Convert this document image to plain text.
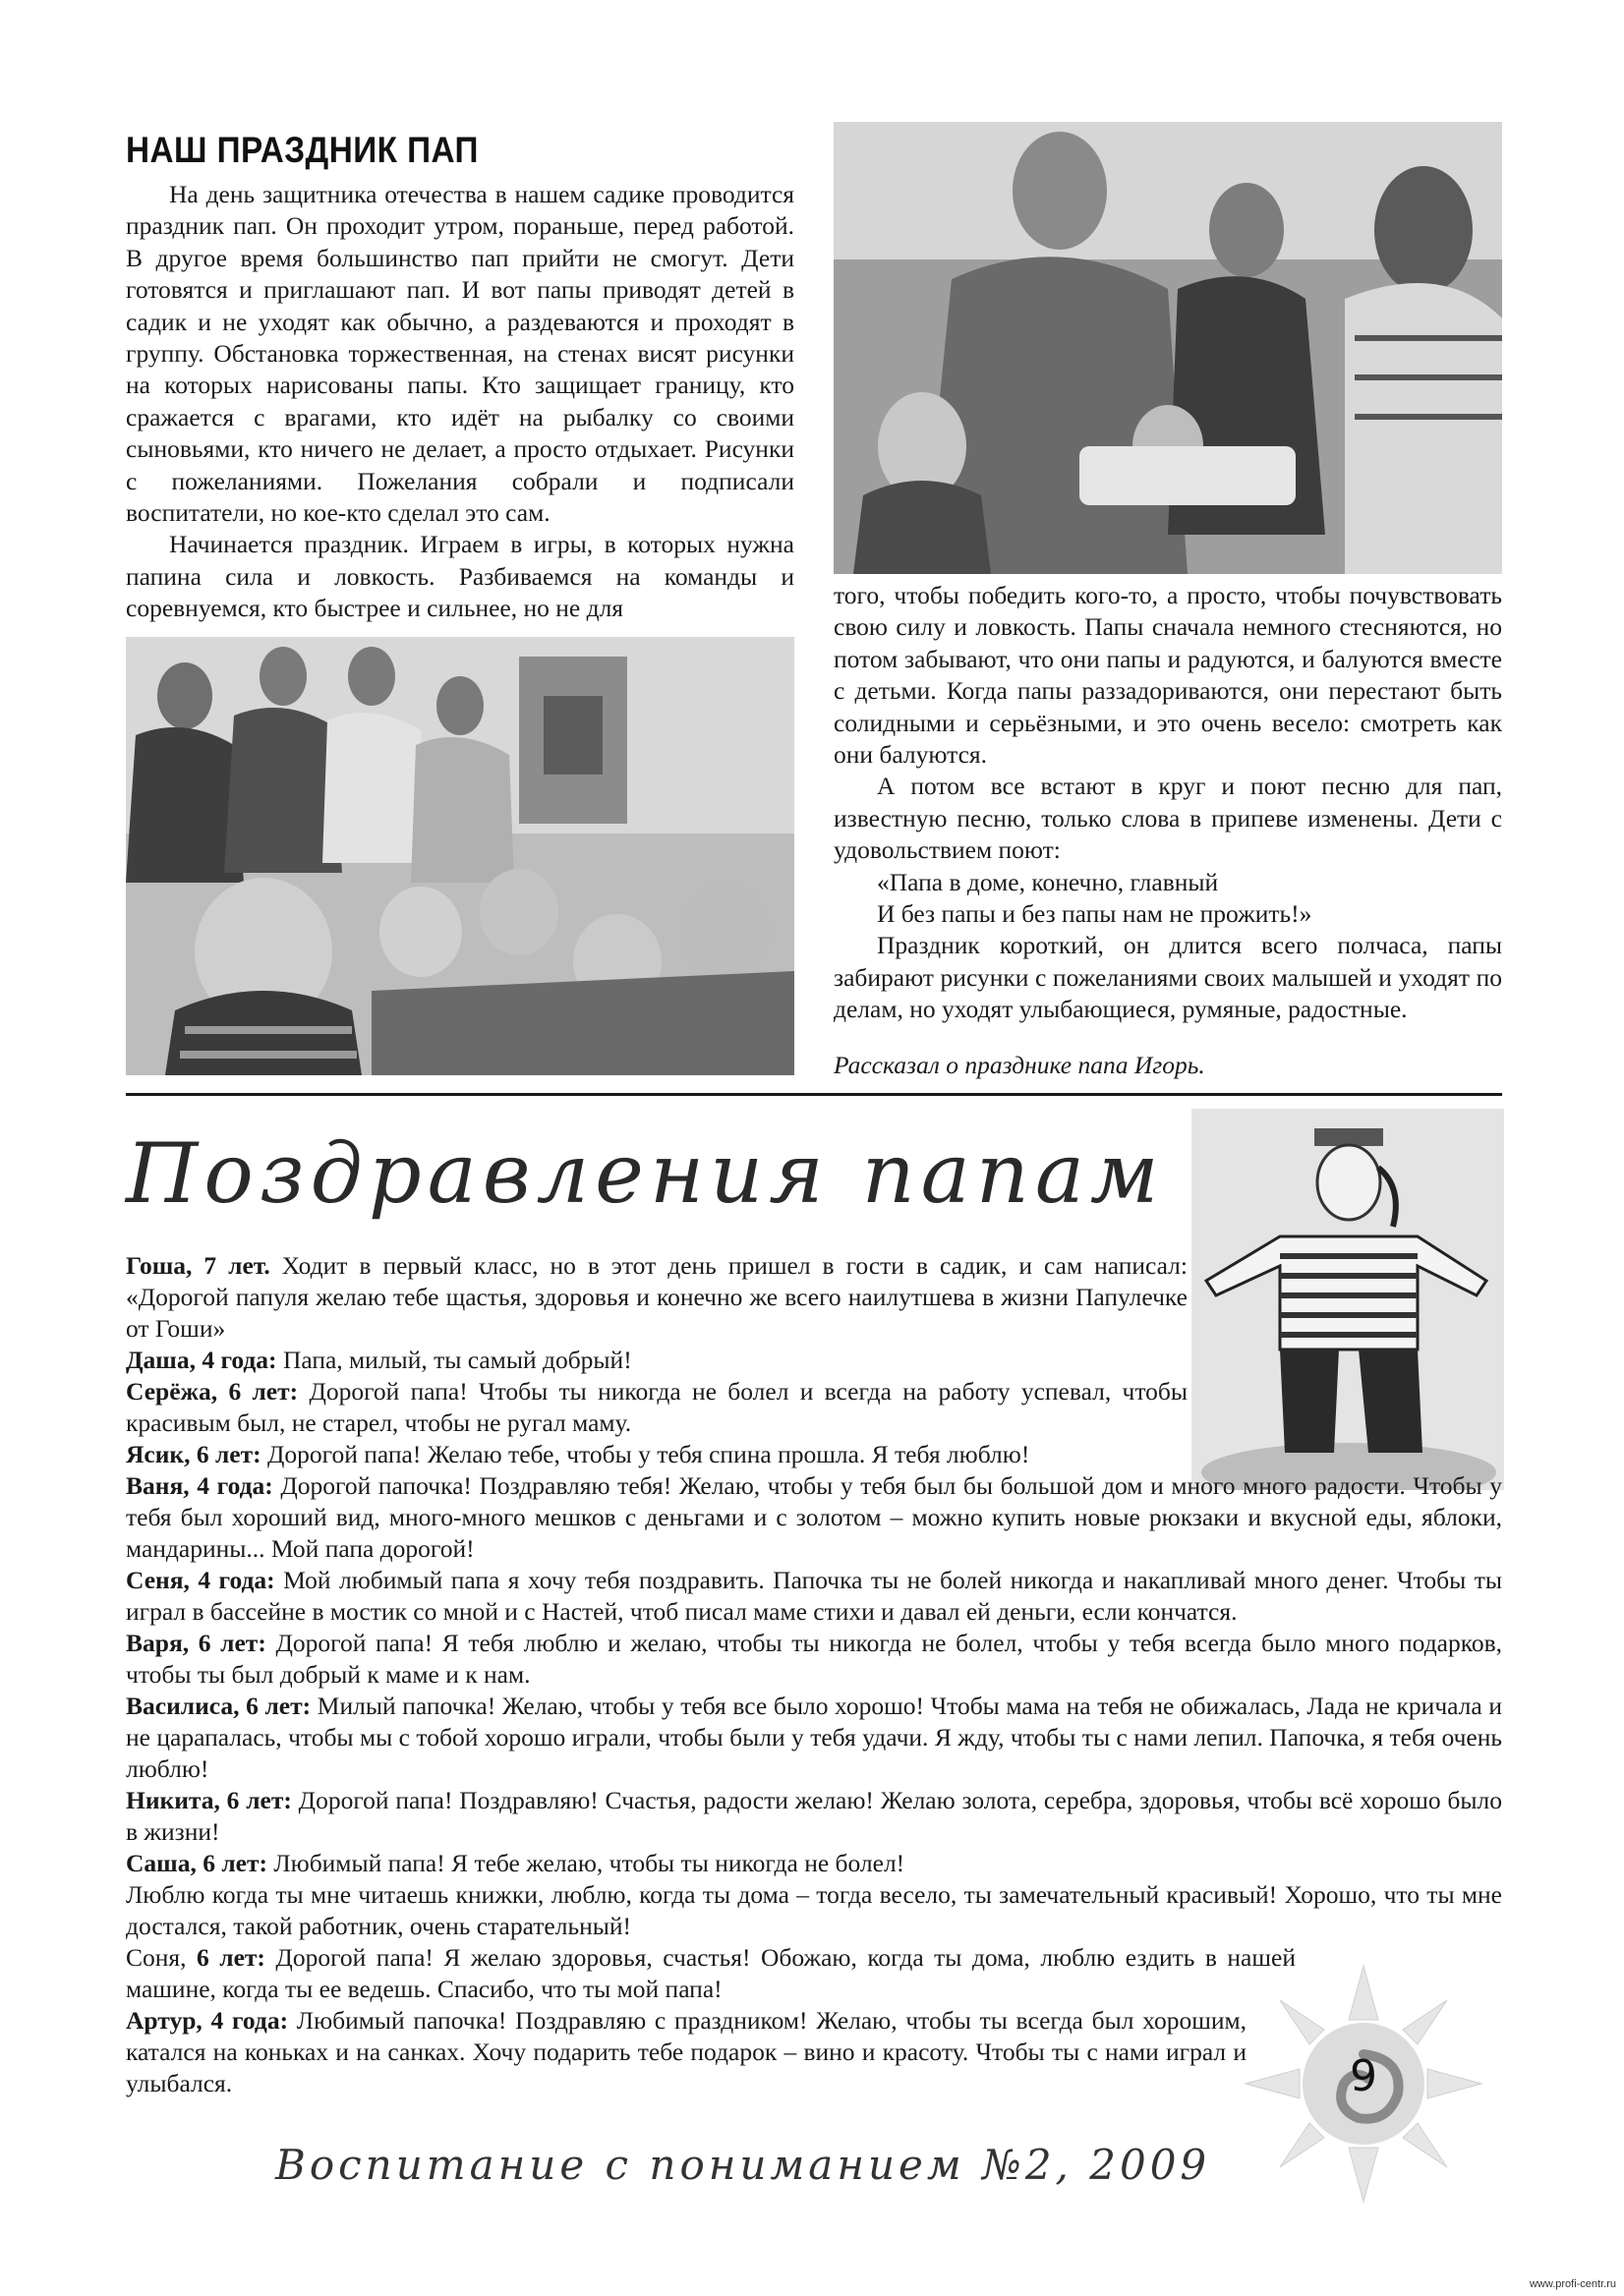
НАШ ПРАЗДНИК ПАП

На день защитника отечества в нашем садике проводится праздник пап. Он проходит утром, пораньше, перед работой. В другое время большинство пап прийти не смогут. Дети готовятся и приглашают пап. И вот папы приводят детей в садик и не уходят как обычно, а раздеваются и проходят в группу. Обстановка торжественная, на стенах висят рисунки на которых нарисованы папы. Кто защищает границу, кто сражается с врагами, кто идёт на рыбалку со своими сыновьями, кто ничего не делает, а просто отдыхает. Рисунки с пожеланиями. Пожелания собрали и подписали воспитатели, но кое-кто сделал это сам.

Начинается праздник. Играем в игры, в которых нужна папина сила и ловкость. Разбиваемся на команды и соревнуемся, кто быстрее и сильнее, но не для	того, чтобы победить кого-то, а просто, чтобы почувствовать свою силу и ловкость. Папы сначала немного стесняются, но потом забывают, что они папы и радуются, и балуются вместе с детьми. Когда папы раззадориваются, они перестают быть солидными и серьёзными, и это очень весело: смотреть как они балуются.

А потом все встают в круг и поют песню для пап, известную песню, только слова в припеве изменены. Дети с удовольствием поют:

«Папа в доме, конечно, главный

И без папы и без папы нам не прожить!»

Праздник короткий, он длится всего полчаса, папы забирают рисунки с пожеланиями своих малышей и уходят по делам, но уходят улыбающиеся, румяные, радостные.

Рассказал о празднике папа Игорь.

Поздравления папам

Гоша, 7 лет. Ходит в первый класс, но в этот день пришел в гости в садик, и сам написал: «Дорогой папуля желаю тебе щастья, здоровья и конечно же всего наилутшева в жизни Папулечке от Гоши»

Даша, 4 года: Папа, милый, ты самый добрый!

Серёжа, 6 лет: Дорогой папа! Чтобы ты никогда не болел и всегда на работу успевал, чтобы красивым был, не старел, чтобы не ругал маму.

Ясик, 6 лет: Дорогой папа! Желаю тебе, чтобы у тебя спина прошла. Я тебя люблю!

Ваня, 4 года: Дорогой папочка! Поздравляю тебя! Желаю, чтобы у тебя был бы большой дом и много много радости. Чтобы у тебя был хороший вид, много-много мешков с деньгами и с золотом – можно купить новые рюкзаки и вкусной еды, яблоки, мандарины... Мой папа дорогой!

Сеня, 4 года: Мой любимый папа я хочу тебя поздравить. Папочка ты не болей никогда и накапливай много денег. Чтобы ты играл в бассейне в мостик со мной и с Настей, чтоб писал маме стихи и давал ей деньги, если кончатся.

Варя, 6 лет: Дорогой папа! Я тебя люблю и желаю, чтобы ты никогда не болел, чтобы у тебя всегда было много подарков, чтобы ты был добрый к маме и к нам.

Василиса, 6 лет: Милый папочка! Желаю, чтобы у тебя все было хорошо! Чтобы мама на тебя не обижалась, Лада не кричала и не царапалась, чтобы мы с тобой хорошо играли, чтобы были у тебя удачи. Я жду, чтобы ты с нами лепил. Папочка, я тебя очень люблю!

Никита, 6 лет: Дорогой папа! Поздравляю! Счастья, радости желаю! Желаю золота, серебра, здоровья, чтобы всё хорошо было в жизни!

Саша, 6 лет: Любимый папа! Я тебе желаю, чтобы ты никогда не болел!

Люблю когда ты мне читаешь книжки, люблю, когда ты дома – тогда весело, ты замечательный красивый! Хорошо, что ты мне достался, такой работник, очень старательный!

Соня, 6 лет: Дорогой папа! Я желаю здоровья, счастья! Обожаю, когда ты дома, люблю ездить в нашей машине, когда ты ее ведешь. Спасибо, что ты мой папа!

Артур, 4 года: Любимый папочка! Поздравляю с праздником! Желаю, чтобы ты всегда был хорошим, катался на коньках и на санках. Хочу подарить тебе подарок – вино и красоту. Чтобы ты с нами играл и улыбался.	9
Воспитание с пониманием №2, 2009
www.profi-centr.ru
